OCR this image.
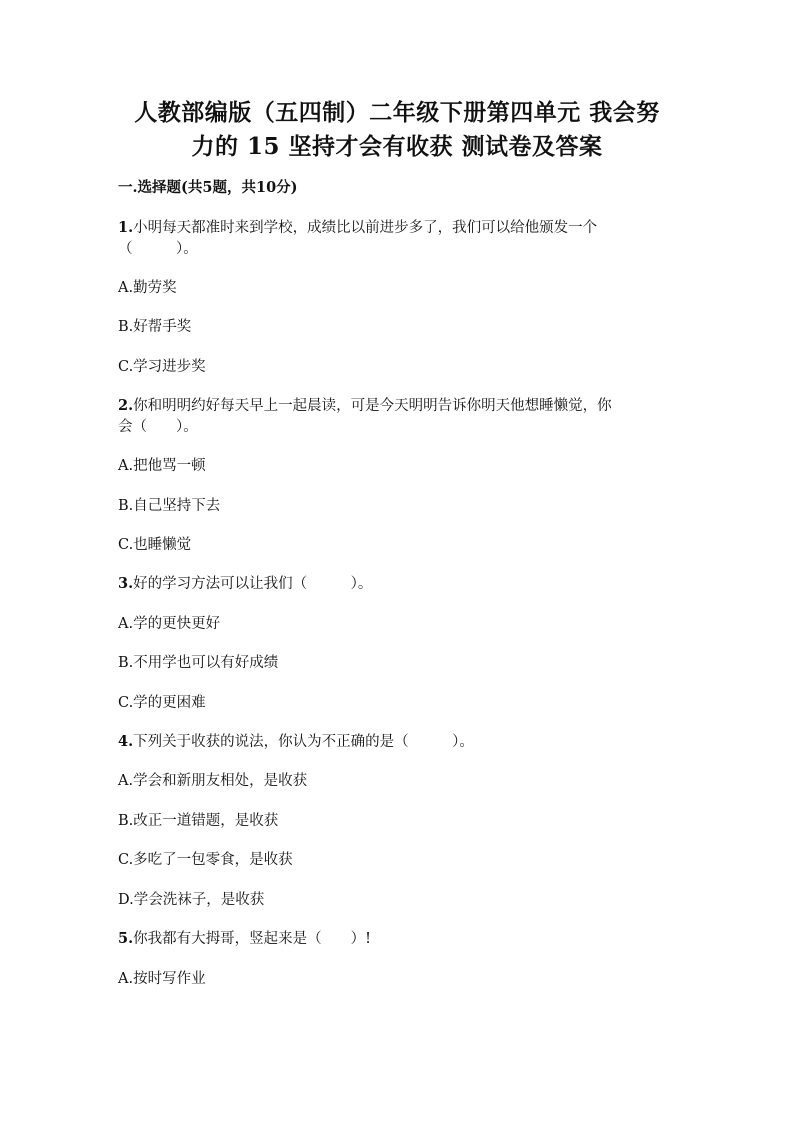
人教部编版（五四制）二年级下册第四单元 我会努
力的 15 坚持才会有收获 测试卷及答案
一.选择题(共5题，共10分)
1.小明每天都准时来到学校，成绩比以前进步多了，我们可以给他颁发一个
（　　　）。
A.勤劳奖
B.好帮手奖
C.学习进步奖
2.你和明明约好每天早上一起晨读，可是今天明明告诉你明天他想睡懒觉，你
会（　　）。
A.把他骂一顿
B.自己坚持下去
C.也睡懒觉
3.好的学习方法可以让我们（　　　）。
A.学的更快更好
B.不用学也可以有好成绩
C.学的更困难
4.下列关于收获的说法，你认为不正确的是（　　　）。
A.学会和新朋友相处，是收获
B.改正一道错题，是收获
C.多吃了一包零食，是收获
D.学会洗袜子，是收获
5.你我都有大拇哥，竖起来是（　　）!
A.按时写作业
